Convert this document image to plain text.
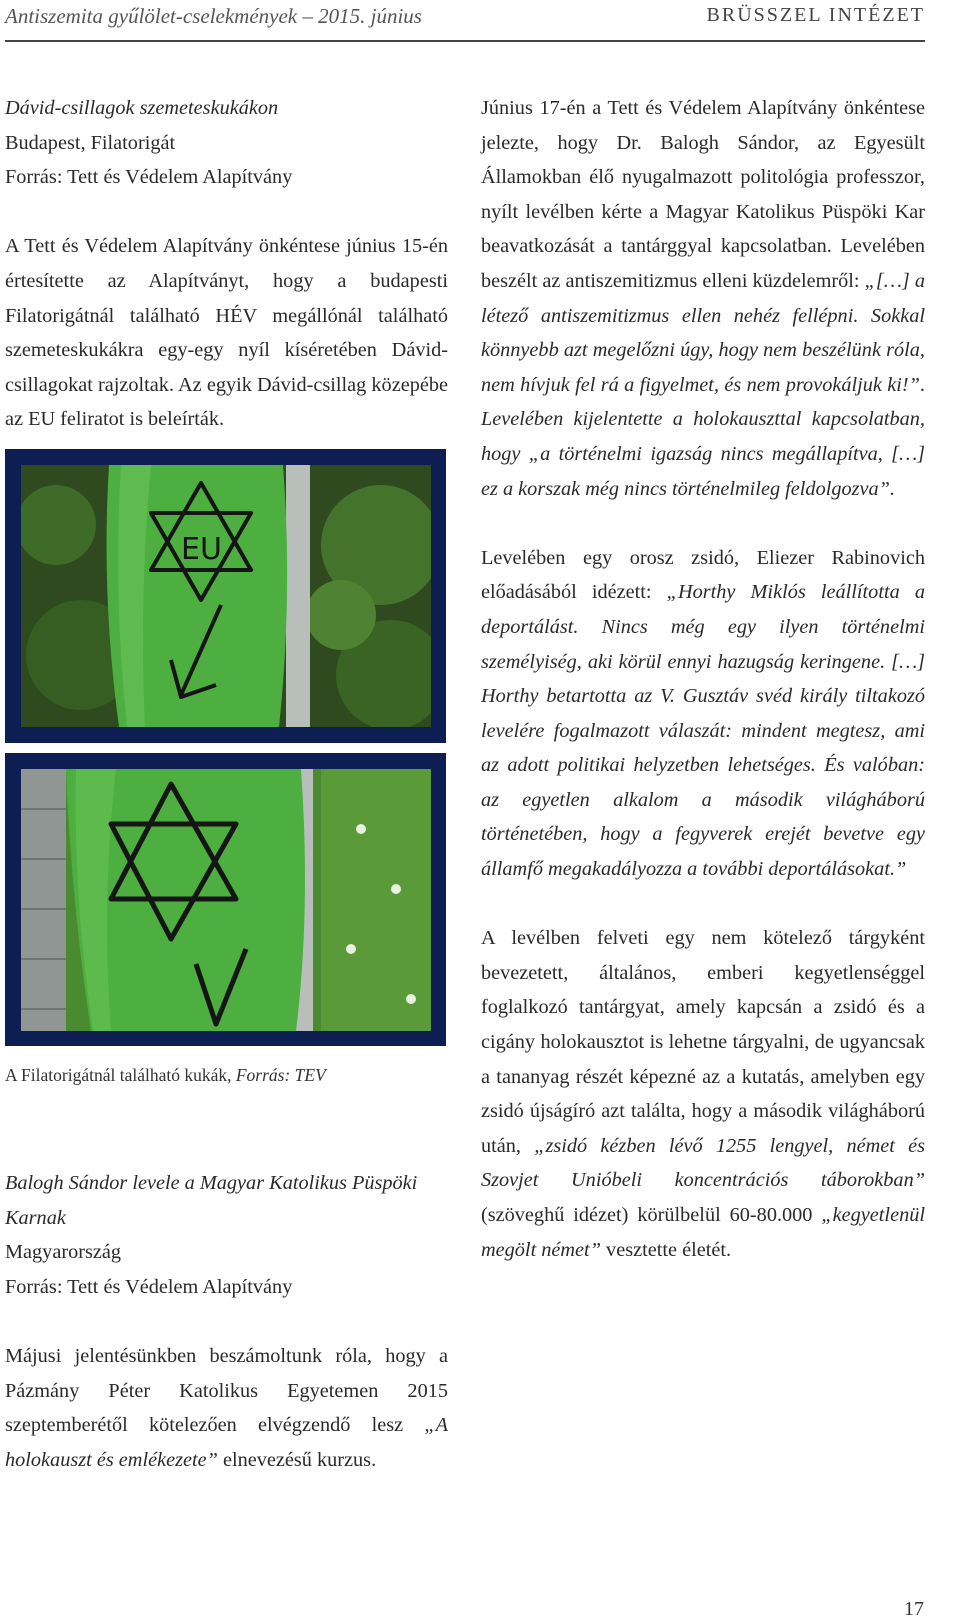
Antiszemita gyűlölet-cselekmények – 2015. június	BRÜSSZEL INTÉZET

Dávid-csillagok szemeteskukákon

Budapest, Filatorigát

Forrás: Tett és Védelem Alapítvány

A Tett és Védelem Alapítvány önkéntese június 15-én értesítette az Alapítványt, hogy a budapesti Filatorigátnál található HÉV megállónál található szemeteskukákra egy-egy nyíl kíséretében Dávid-csillagokat rajzoltak. Az egyik Dávid-csillag közepébe az EU feliratot is beleírták.

EU
A Filatorigátnál található kukák, Forrás: TEV

Balogh Sándor levele a Magyar Katolikus Püspöki Karnak

Magyarország

Forrás: Tett és Védelem Alapítvány

Májusi jelentésünkben beszámoltunk róla, hogy a Pázmány Péter Katolikus Egyetemen 2015 szeptemberétől kötelezően elvégzendő lesz „A holokauszt és emlékezete” elnevezésű kurzus.

Június 17-én a Tett és Védelem Alapítvány önkéntese jelezte, hogy Dr. Balogh Sándor, az Egyesült Államokban élő nyugalmazott politológia professzor, nyílt levélben kérte a Magyar Katolikus Püspöki Kar beavatkozását a tantárggyal kapcsolatban. Levelében beszélt az antiszemitizmus elleni küzdelemről: „[…] a létező antiszemitizmus ellen nehéz fellépni. Sokkal könnyebb azt megelőzni úgy, hogy nem beszélünk róla, nem hívjuk fel rá a figyelmet, és nem provokáljuk ki!”. Levelében kijelentette a holokauszttal kapcsolatban, hogy „a történelmi igazság nincs megállapítva, […] ez a korszak még nincs történelmileg feldolgozva”.

Levelében egy orosz zsidó, Eliezer Rabinovich előadásából idézett: „Horthy Miklós leállította a deportálást. Nincs még egy ilyen történelmi személyiség, aki körül ennyi hazugság keringene. […] Horthy betartotta az V. Gusztáv svéd király tiltakozó levelére fogalmazott válaszát: mindent megtesz, ami az adott politikai helyzetben lehetséges. És valóban: az egyetlen alkalom a második világháború történetében, hogy a fegyverek erejét bevetve egy államfő megakadályozza a további deportálásokat.”

A levélben felveti egy nem kötelező tárgyként bevezetett, általános, emberi kegyetlenséggel foglalkozó tantárgyat, amely kapcsán a zsidó és a cigány holokausztot is lehetne tárgyalni, de ugyancsak a tananyag részét képezné az a kutatás, amelyben egy zsidó újságíró azt találta, hogy a második világháború után, „zsidó kézben lévő 1255 lengyel, német és Szovjet Unióbeli koncentrációs táborokban” (szöveghű idézet) körülbelül 60-80.000 „kegyetlenül megölt német” vesztette életét.

17
